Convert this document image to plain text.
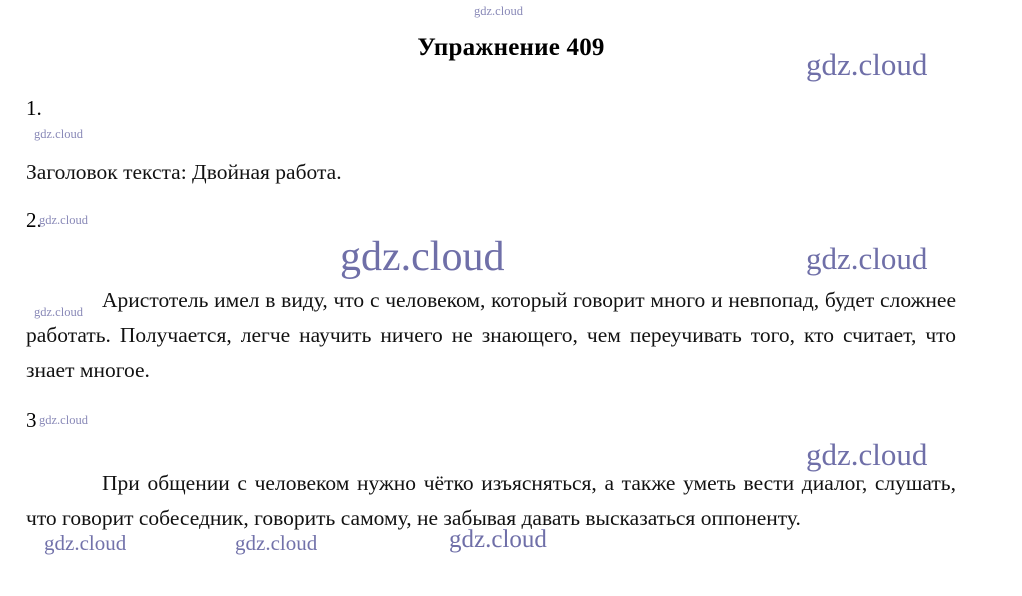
gdz.cloud
Упражнение 409	gdz.cloud
1.
gdz.cloud
Заголовок текста: Двойная работа.
2.
gdz.cloud
gdz.cloud	gdz.cloud
Аристотель имел в виду, что с человеком, который говорит много и невпопад, будет сложнее работать. Получается, легче научить ничего не знающего, чем переучивать того, кто считает, что знает многое.
gdz.cloud
3 gdz.cloud
gdz.cloud
При общении с человеком нужно чётко изъясняться, а также уметь вести диалог, слушать, что говорит собеседник, говорить самому, не забывая давать высказаться оппоненту.
gdz.cloud	gdz.cloud	gdz.cloud
